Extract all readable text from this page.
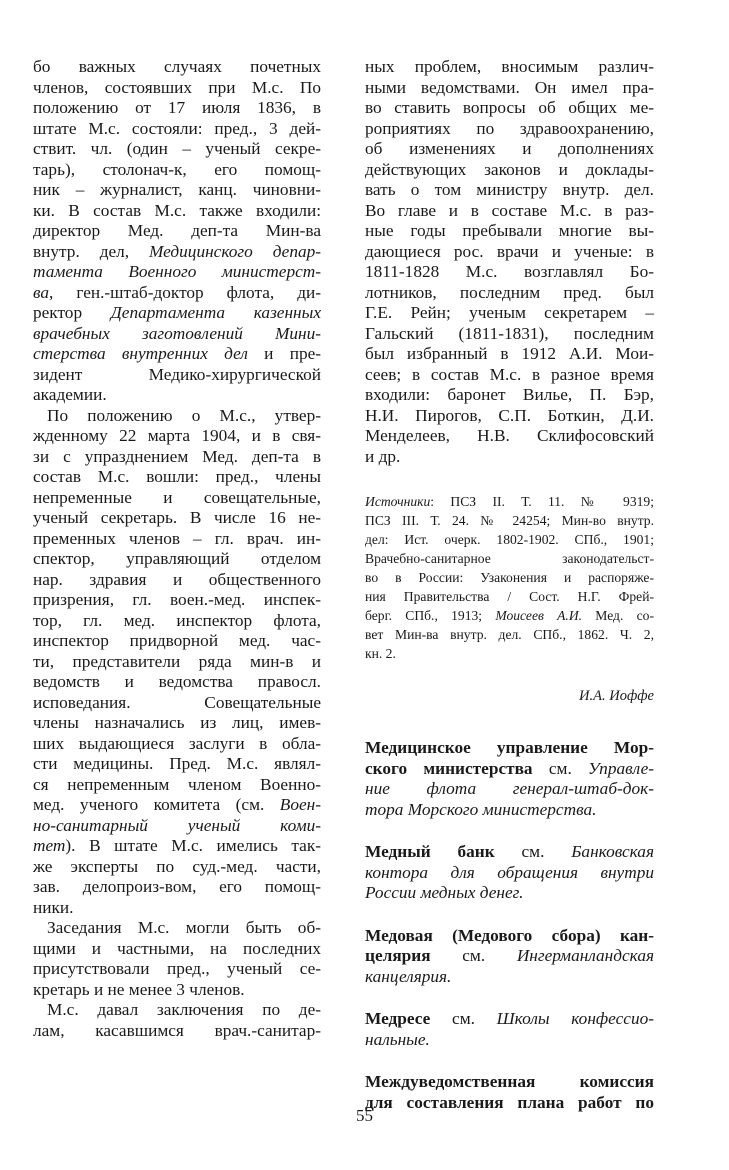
бо важных случаях почетных
членов, состоявших при М.с. По
положению от 17 июля 1836, в
штате М.с. состояли: пред., 3 дей-
ствит. чл. (один – ученый секре-
тарь), столонач-к, его помощ-
ник – журналист, канц. чиновни-
ки. В состав М.с. также входили:
директор Мед. деп-та Мин-ва
внутр. дел, Медицинского депар-
тамента Военного министерст-
ва, ген.-штаб-доктор флота, ди-
ректор Департамента казенных
врачебных заготовлений Мини-
стерства внутренних дел и пре-
зидент Медико-хирургической
академии.
По положению о М.с., утвер-
жденному 22 марта 1904, и в свя-
зи с упразднением Мед. деп-та в
состав М.с. вошли: пред., члены
непременные и совещательные,
ученый секретарь. В числе 16 не-
пременных членов – гл. врач. ин-
спектор, управляющий отделом
нар. здравия и общественного
призрения, гл. воен.-мед. инспек-
тор, гл. мед. инспектор флота,
инспектор придворной мед. час-
ти, представители ряда мин-в и
ведомств и ведомства правосл.
исповедания. Совещательные
члены назначались из лиц, имев-
ших выдающиеся заслуги в обла-
сти медицины. Пред. М.с. являл-
ся непременным членом Военно-
мед. ученого комитета (см. Воен-
но-санитарный ученый коми-
тет). В штате М.с. имелись так-
же эксперты по суд.-мед. части,
зав. делопроиз-вом, его помощ-
ники.
Заседания М.с. могли быть об-
щими и частными, на последних
присутствовали пред., ученый се-
кретарь и не менее 3 членов.
М.с. давал заключения по де-
лам, касавшимся врач.-санитар-
ных проблем, вносимым различ-
ными ведомствами. Он имел пра-
во ставить вопросы об общих ме-
роприятиях по здравоохранению,
об изменениях и дополнениях
действующих законов и доклады-
вать о том министру внутр. дел.
Во главе и в составе М.с. в раз-
ные годы пребывали многие вы-
дающиеся рос. врачи и ученые: в
1811-1828 М.с. возглавлял Бо-
лотников, последним пред. был
Г.Е. Рейн; ученым секретарем –
Гальский (1811-1831), последним
был избранный в 1912 А.И. Мои-
сеев; в состав М.с. в разное время
входили: баронет Вилье, П. Бэр,
Н.И. Пирогов, С.П. Боткин, Д.И.
Менделеев, Н.В. Склифосовский
и др.
Источники: ПСЗ II. Т. 11. № 9319;
ПСЗ III. Т. 24. № 24254; Мин-во внутр.
дел: Ист. очерк. 1802-1902. СПб., 1901;
Врачебно-санитарное законодательст-
во в России: Узаконения и распоряже-
ния Правительства / Сост. Н.Г. Фрей-
берг. СПб., 1913; Моисеев А.И. Мед. со-
вет Мин-ва внутр. дел. СПб., 1862. Ч. 2,
кн. 2.
И.А. Иоффе
Медицинское управление Мор-
ского министерства см. Управле-
ние флота генерал-штаб-док-
тора Морского министерства.
Медный банк см. Банковская
контора для обращения внутри
России медных денег.
Медовая (Медового сбора) кан-
целярия см. Ингерманландская
канцелярия.
Медресе см. Школы конфессио-
нальные.
Междуведомственная комиссия
для составления плана работ по
55
